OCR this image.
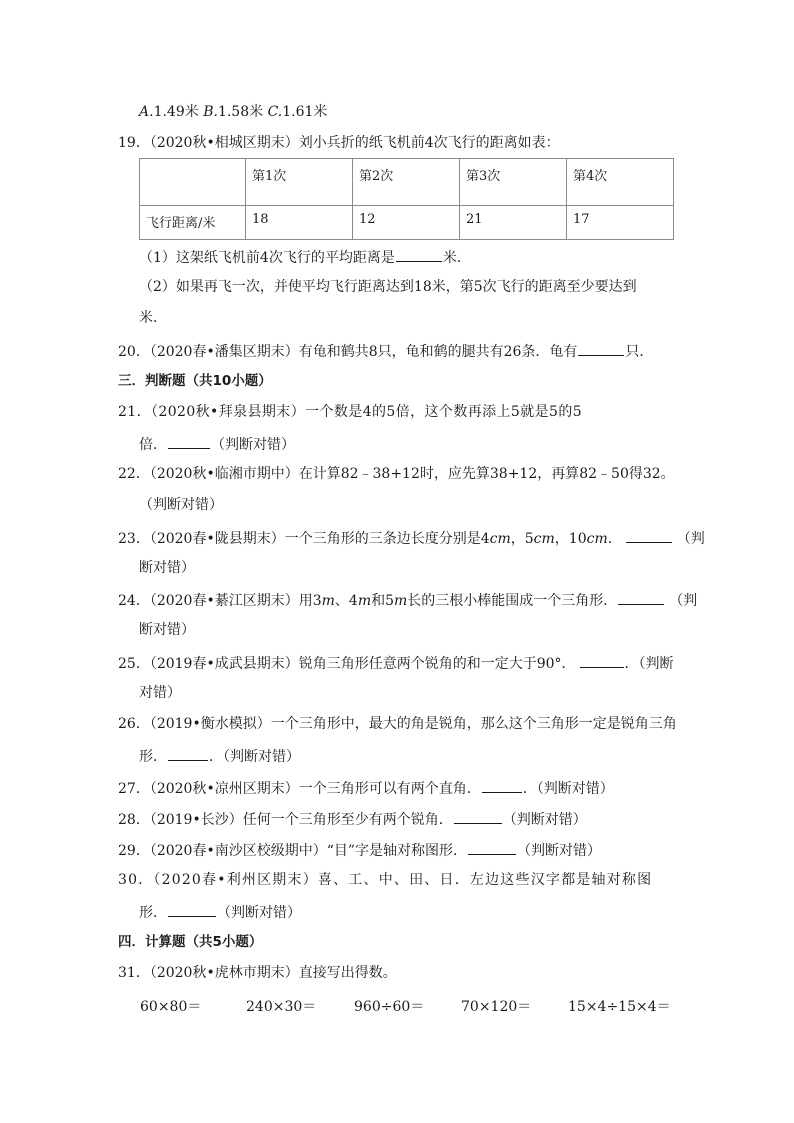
A.1.49米 B.1.58米 C.1.61米
19．（2020秋•相城区期末）刘小兵折的纸飞机前4次飞行的距离如表：
	第1次	第2次	第3次	第4次
飞行距离/米	18	12	21	17
（1）这架纸飞机前4次飞行的平均距离是	米．
（2）如果再飞一次，并使平均飞行距离达到18米，第5次飞行的距离至少要达到
米．
20．（2020春•潘集区期末）有龟和鹤共8只，龟和鹤的腿共有26条．龟有	只．
三．判断题（共10小题）
21．（2020秋•拜泉县期末）一个数是4的5倍，这个数再添上5就是5的5
倍．	（判断对错）
22．（2020秋•临湘市期中）在计算82﹣38+12时，应先算38+12，再算82﹣50得32。
（判断对错）
23．（2020春•陇县期末）一个三角形的三条边长度分别是4cm，5cm，10cm．	（判
断对错）
24．（2020春•綦江区期末）用3m、4m和5m长的三根小棒能围成一个三角形．	（判
断对错）
25．（2019春•成武县期末）锐角三角形任意两个锐角的和一定大于90°．	．（判断
对错）
26．（2019•衡水模拟）一个三角形中，最大的角是锐角，那么这个三角形一定是锐角三角
形．	．（判断对错）
27．（2020秋•凉州区期末）一个三角形可以有两个直角．	．（判断对错）
28．（2019•长沙）任何一个三角形至少有两个锐角．	（判断对错）
29．（2020春•南沙区校级期中）“目”字是轴对称图形．	（判断对错）
30．（2020春•利州区期末）喜、工、中、田、日．左边这些汉字都是轴对称图
形．	（判断对错）
四．计算题（共5小题）
31．（2020秋•虎林市期末）直接写出得数。
60×80＝	240×30＝	960÷60＝	70×120＝	15×4÷15×4＝
